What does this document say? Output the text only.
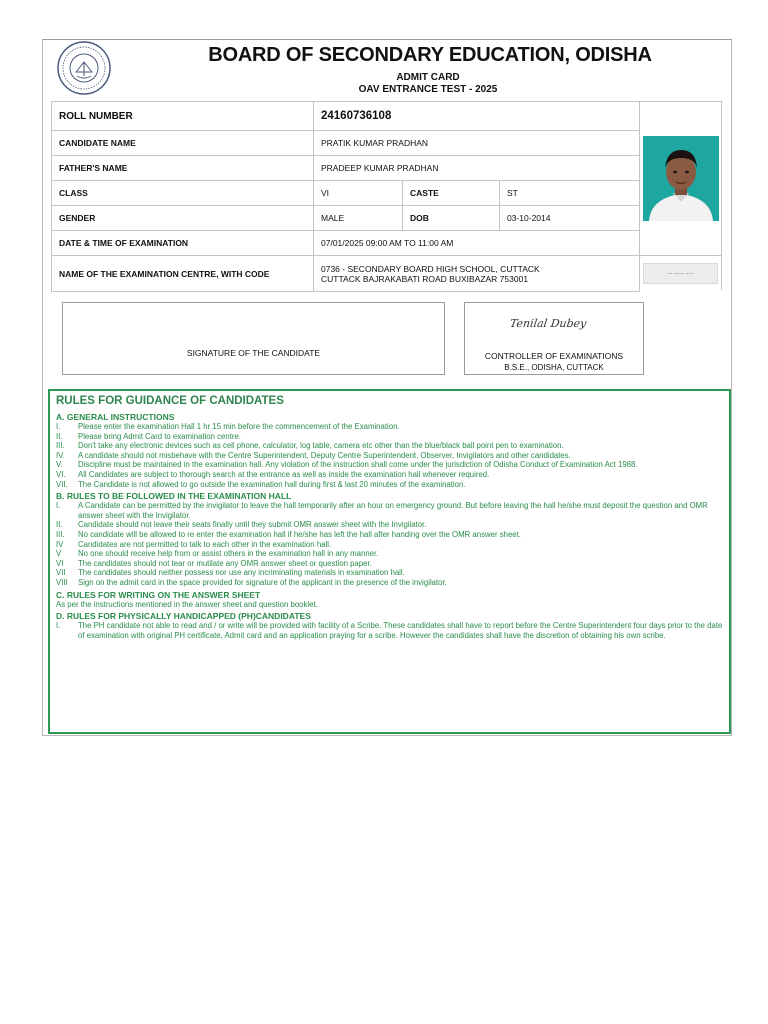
BOARD OF SECONDARY EDUCATION, ODISHA
ADMIT CARD
OAV ENTRANCE TEST - 2025
ROLL NUMBER	24160736108		
CANDIDATE NAME	PRATIK KUMAR PRADHAN		
FATHER'S NAME	PRADEEP KUMAR PRADHAN		
CLASS	VI	CASTE	ST
GENDER	MALE	DOB	03-10-2014
DATE & TIME OF EXAMINATION	07/01/2025 09:00 AM TO 11:00 AM		
NAME OF THE EXAMINATION CENTRE, WITH CODE	0736 - SECONDARY BOARD HIGH SCHOOL, CUTTACK
CUTTACK BAJRAKABATI ROAD BUXIBAZAR 753001			~~ ~~~~ ~~~
SIGNATURE OF THE CANDIDATE
Tenilal Dubey
CONTROLLER OF EXAMINATIONS
B.S.E., ODISHA, CUTTACK
RULES FOR GUIDANCE OF CANDIDATES
A. GENERAL INSTRUCTIONS
I.	Please enter the examination Hall 1 hr 15 min before the commencement of the Examination.
II.	Please bring Admit Card to examination centre.
III.	Don't take any electronic devices such as cell phone, calculator, log table, camera etc other than the blue/black ball point pen to examination.
IV.	A candidate should not misbehave with the Centre Superintendent, Deputy Centre Superintendent, Observer, Invigilators and other candidates.
V.	Discipline must be maintained in the examination hall. Any violation of the instruction shall come under the jurisdiction of Odisha Conduct of Examination Act 1988.
VI.	All Candidates are subject to thorough search at the entrance as well as inside the examination hall whenever required.
VII.	The Candidate is not allowed to go outside the examination hall during first & last 20 minutes of the examination.
B. RULES TO BE FOLLOWED IN THE EXAMINATION HALL
I.	A Candidate can be permitted by the invigilator to leave the hall temporarily after an hour on emergency ground. But before leaving the hall he/she must deposit the question and OMR answer sheet with the Invigilator.
II.	Candidate should not leave their seats finally until they submit OMR answer sheet with the Invigilator.
III.	No candidate will be allowed to re enter the examination hall if he/she has left the hall after handing over the OMR answer sheet.
IV	Candidates are not permitted to talk to each other in the examination hall.
V	No one should receive help from or assist others in the examination hall in any manner.
VI	The candidates should not tear or mutilate any OMR answer sheet or question paper.
VII	The candidates should neither possess nor use any incriminating materials in examination hall.
VIII	Sign on the admit card in the space provided for signature of the applicant in the presence of the invigilator.
C. RULES FOR WRITING ON THE ANSWER SHEET
As per the instructions mentioned in the answer sheet and question booklet.
D. RULES FOR PHYSICALLY HANDICAPPED (PH)CANDIDATES
I.	The PH candidate not able to read and / or write will be provided with facility of a Scribe. These candidates shall have to report before the Centre Superintendent four days prior to the date of examination with original PH certificate, Admit card and an application praying for a scribe. However the candidates shall have the discretion of obtaining his own scribe.
